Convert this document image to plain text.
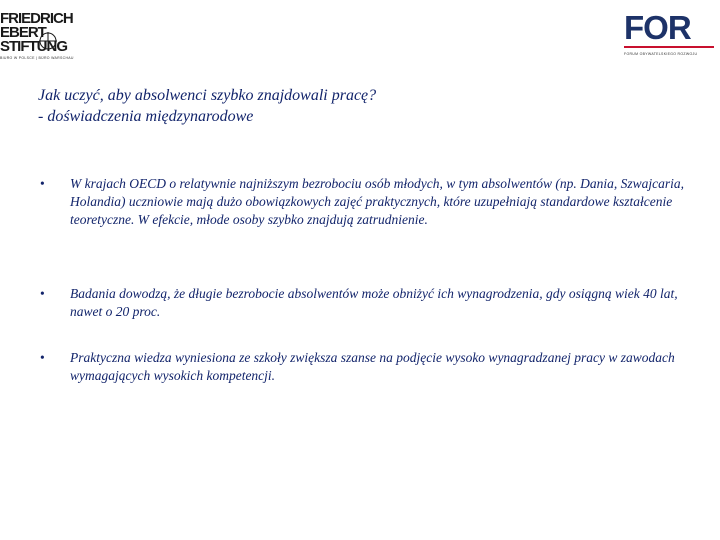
FRIEDRICH
EBERT
STIFTUNG
BIURO W POLSCE | BÜRO WARSCHAU
FOR
FORUM OBYWATELSKIEGO ROZWOJU
Jak uczyć, aby absolwenci szybko znajdowali pracę?
- doświadczenia międzynarodowe
• W krajach OECD o relatywnie najniższym bezrobociu osób młodych, w tym absolwentów (np. Dania, Szwajcaria, Holandia) uczniowie mają dużo obowiązkowych zajęć praktycznych, które uzupełniają standardowe kształcenie teoretyczne. W efekcie, młode osoby szybko znajdują zatrudnienie.
• Badania dowodzą, że długie bezrobocie absolwentów może obniżyć ich wynagrodzenia, gdy osiągną wiek 40 lat, nawet o 20 proc.
• Praktyczna wiedza wyniesiona ze szkoły zwiększa szanse na podjęcie wysoko wynagradzanej pracy w zawodach wymagających wysokich kompetencji.
